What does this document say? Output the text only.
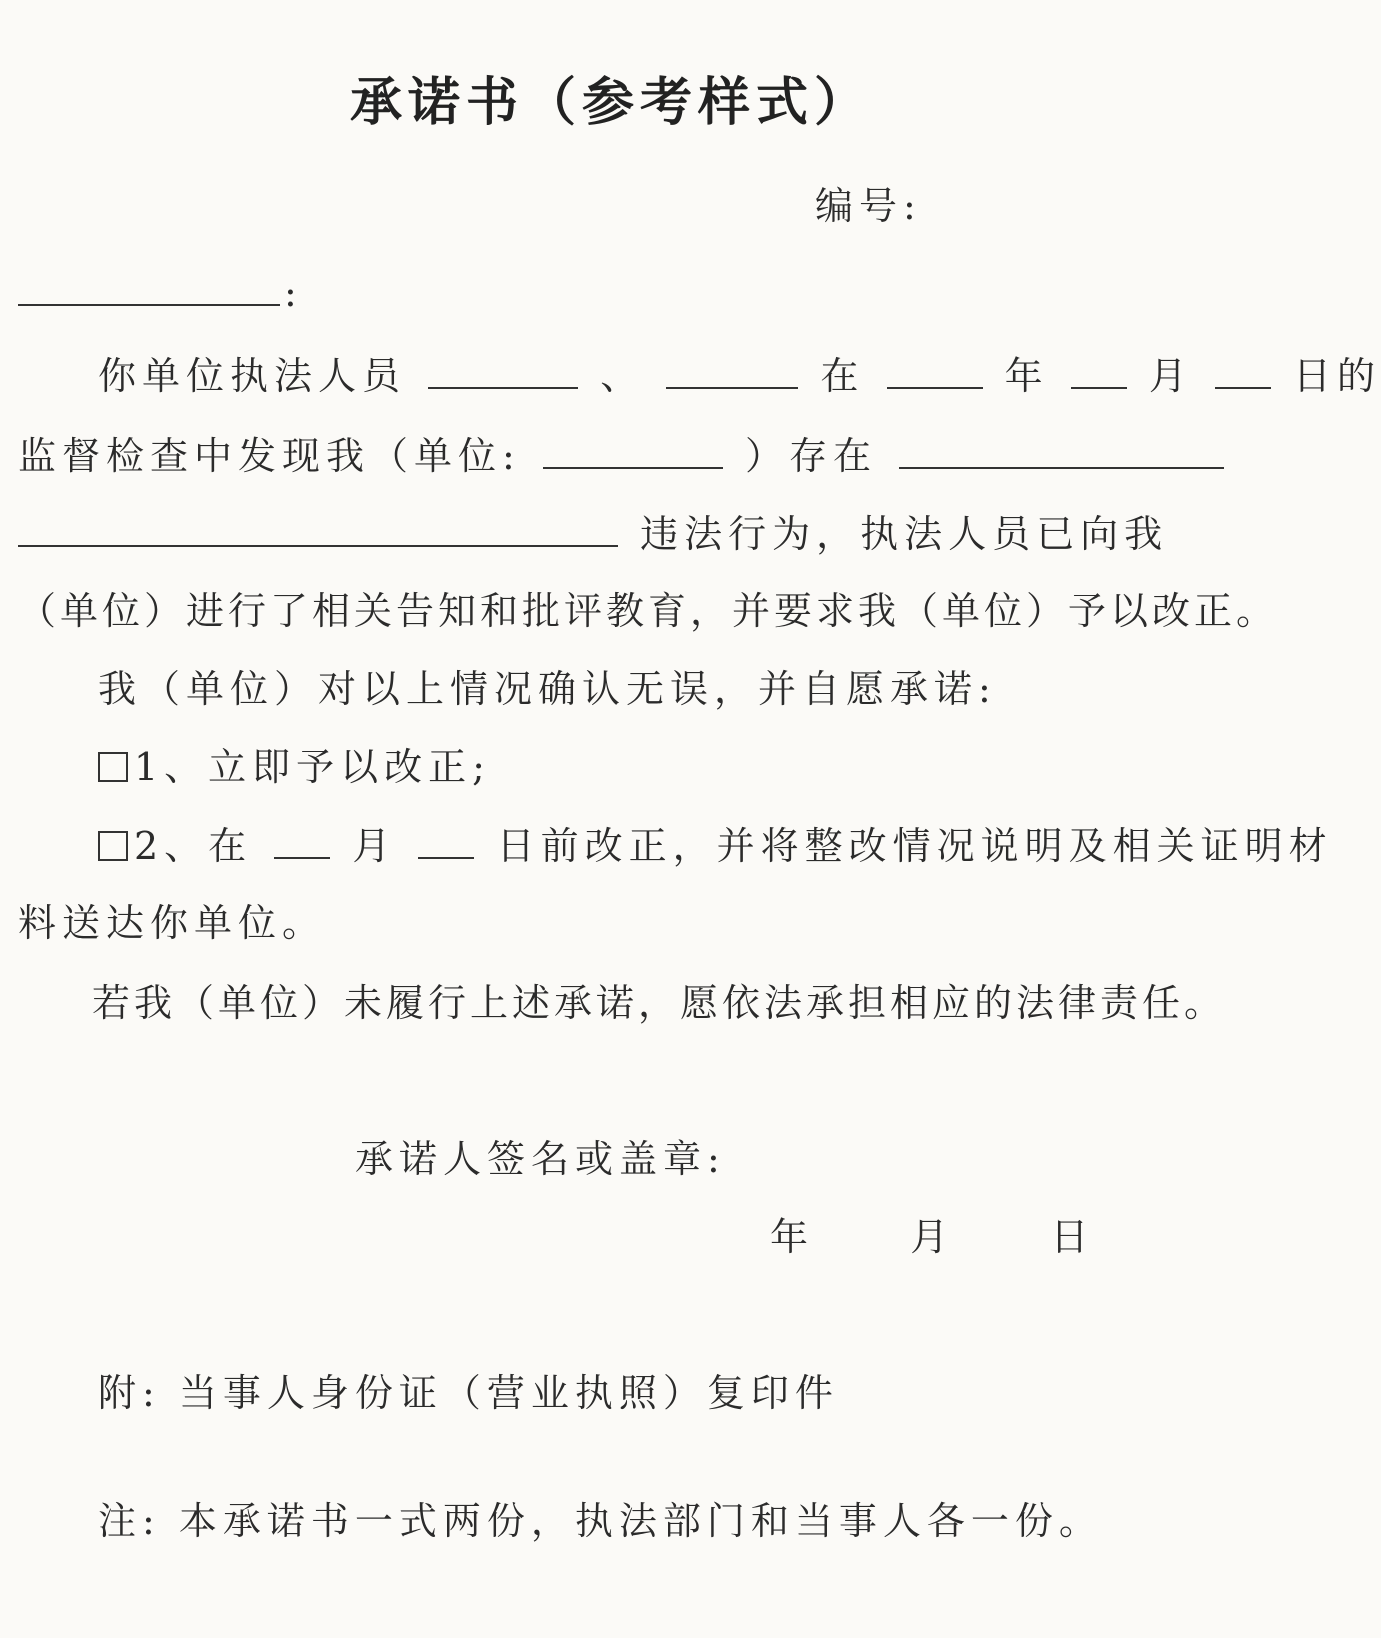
承诺书（参考样式）
编号:
:
你单位执法人员	、	在	年	月	日的
监督检查中发现我（单位:	）存在
违法行为，执法人员已向我
（单位）进行了相关告知和批评教育，并要求我（单位）予以改正。
我（单位）对以上情况确认无误，并自愿承诺:
1、立即予以改正;
2、在	月	日前改正，并将整改情况说明及相关证明材
料送达你单位。
若我（单位）未履行上述承诺，愿依法承担相应的法律责任。
承诺人签名或盖章:
年	月	日
附: 当事人身份证（营业执照）复印件
注: 本承诺书一式两份，执法部门和当事人各一份。
